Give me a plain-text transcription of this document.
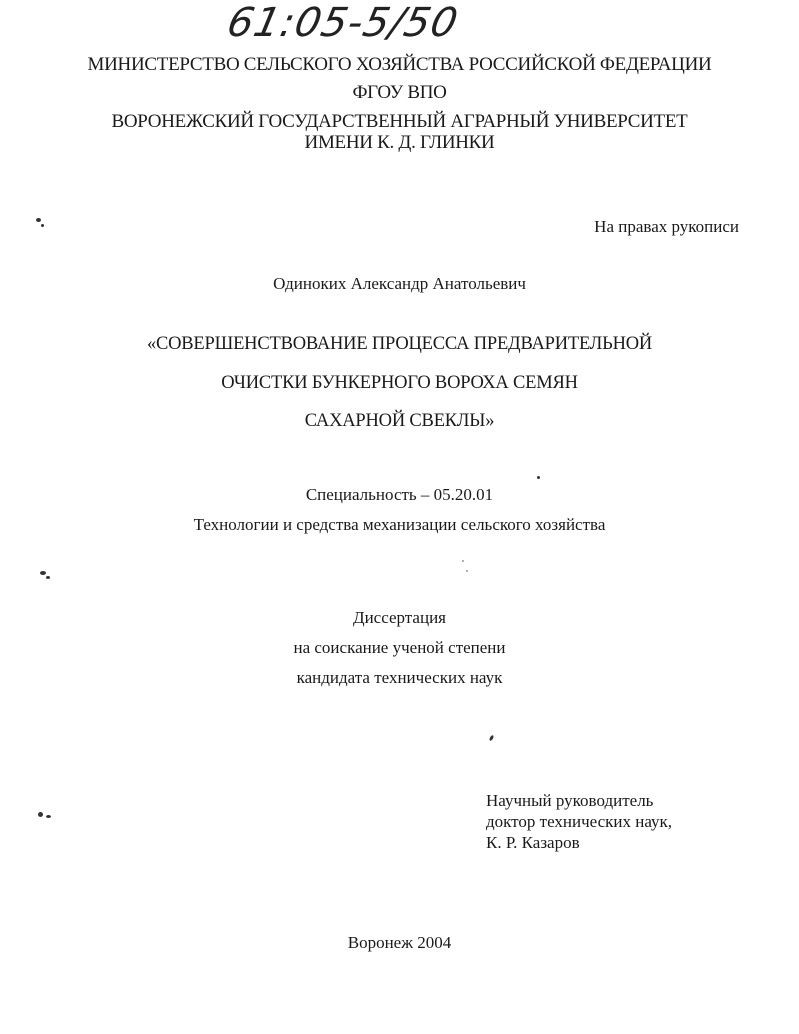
61:05-5/50
МИНИСТЕРСТВО СЕЛЬСКОГО ХОЗЯЙСТВА РОССИЙСКОЙ ФЕДЕРАЦИИ
ФГОУ ВПО
ВОРОНЕЖСКИЙ ГОСУДАРСТВЕННЫЙ АГРАРНЫЙ УНИВЕРСИТЕТ
ИМЕНИ К. Д. ГЛИНКИ
На правах рукописи
Одиноких Александр Анатольевич
«СОВЕРШЕНСТВОВАНИЕ ПРОЦЕССА ПРЕДВАРИТЕЛЬНОЙ
ОЧИСТКИ БУНКЕРНОГО ВОРОХА СЕМЯН
САХАРНОЙ СВЕКЛЫ»
Специальность – 05.20.01
Технологии и средства механизации сельского хозяйства
Диссертация
на соискание ученой степени
кандидата технических наук
Научный руководитель
доктор технических наук,
К. Р. Казаров
Воронеж 2004
